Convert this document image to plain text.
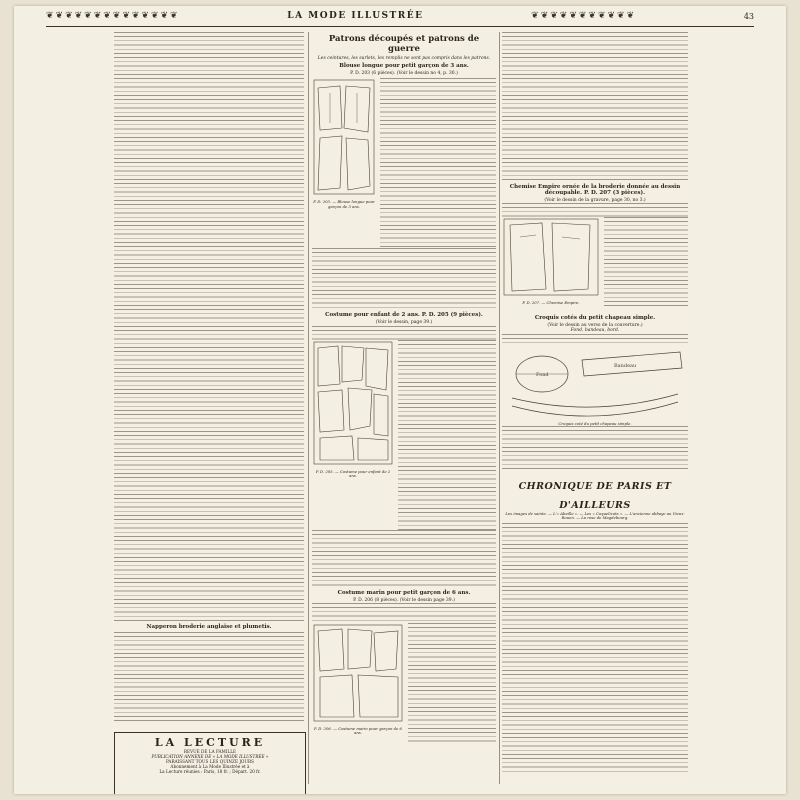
❦❦❦❦❦❦❦❦❦❦❦❦❦❦	LA MODE ILLUSTRÉE	❦❦❦❦❦❦❦❦❦❦❦	43
Napperon broderie anglaise et plumetis.
LA LECTURE
REVUE DE LA FAMILLE
PUBLICATION ANNEXE DE « LA MODE ILLUSTRÉE »
PARAISSANT TOUS LES QUINZE JOURS
Abonnement à La Mode Illustrée et à
La Lecture réunies : Paris, 18 fr. ; Départ. 20 fr.
Patrons découpés et patrons de guerre
Les ceintures, les surlets, les remplis ne sont pas compris dans les patrons.
Blouse longue pour petit garçon de 3 ans.
P. D. 203 (6 pièces). (Voir le dessin no 4, p. 30.)
P. D. 203. — Blouse longue pour garçon de 3 ans.
Costume pour enfant de 2 ans. P. D. 205 (9 pièces).
(Voir le dessin, page 39.)
P. D. 205. — Costume pour enfant de 2 ans.
Costume marin pour petit garçon de 6 ans.
P. D. 206 (8 pièces). (Voir le dessin page 39.)
P. D. 206. — Costume marin pour garçon de 6 ans.
Chemise Empire ornée de la broderie donnée au dessin découpable. P. D. 207 (3 pièces).
(Voir le dessin de la gravure, page 30, no 3.)
P. D. 207. — Chemise Empire.
Croquis cotés du petit chapeau simple.
(Voir le dessin au verso de la couverture.)
Fond, bandeau, bord.
Fond
Bandeau
Croquis coté du petit chapeau simple.
CHRONIQUE DE PARIS ET D'AILLEURS
Les images de sainte. — L'« Abeille ». — Les « Coquelicots ». — L'ancienne abbaye au Vieux-Rouen. — La rose de Magdebourg.
